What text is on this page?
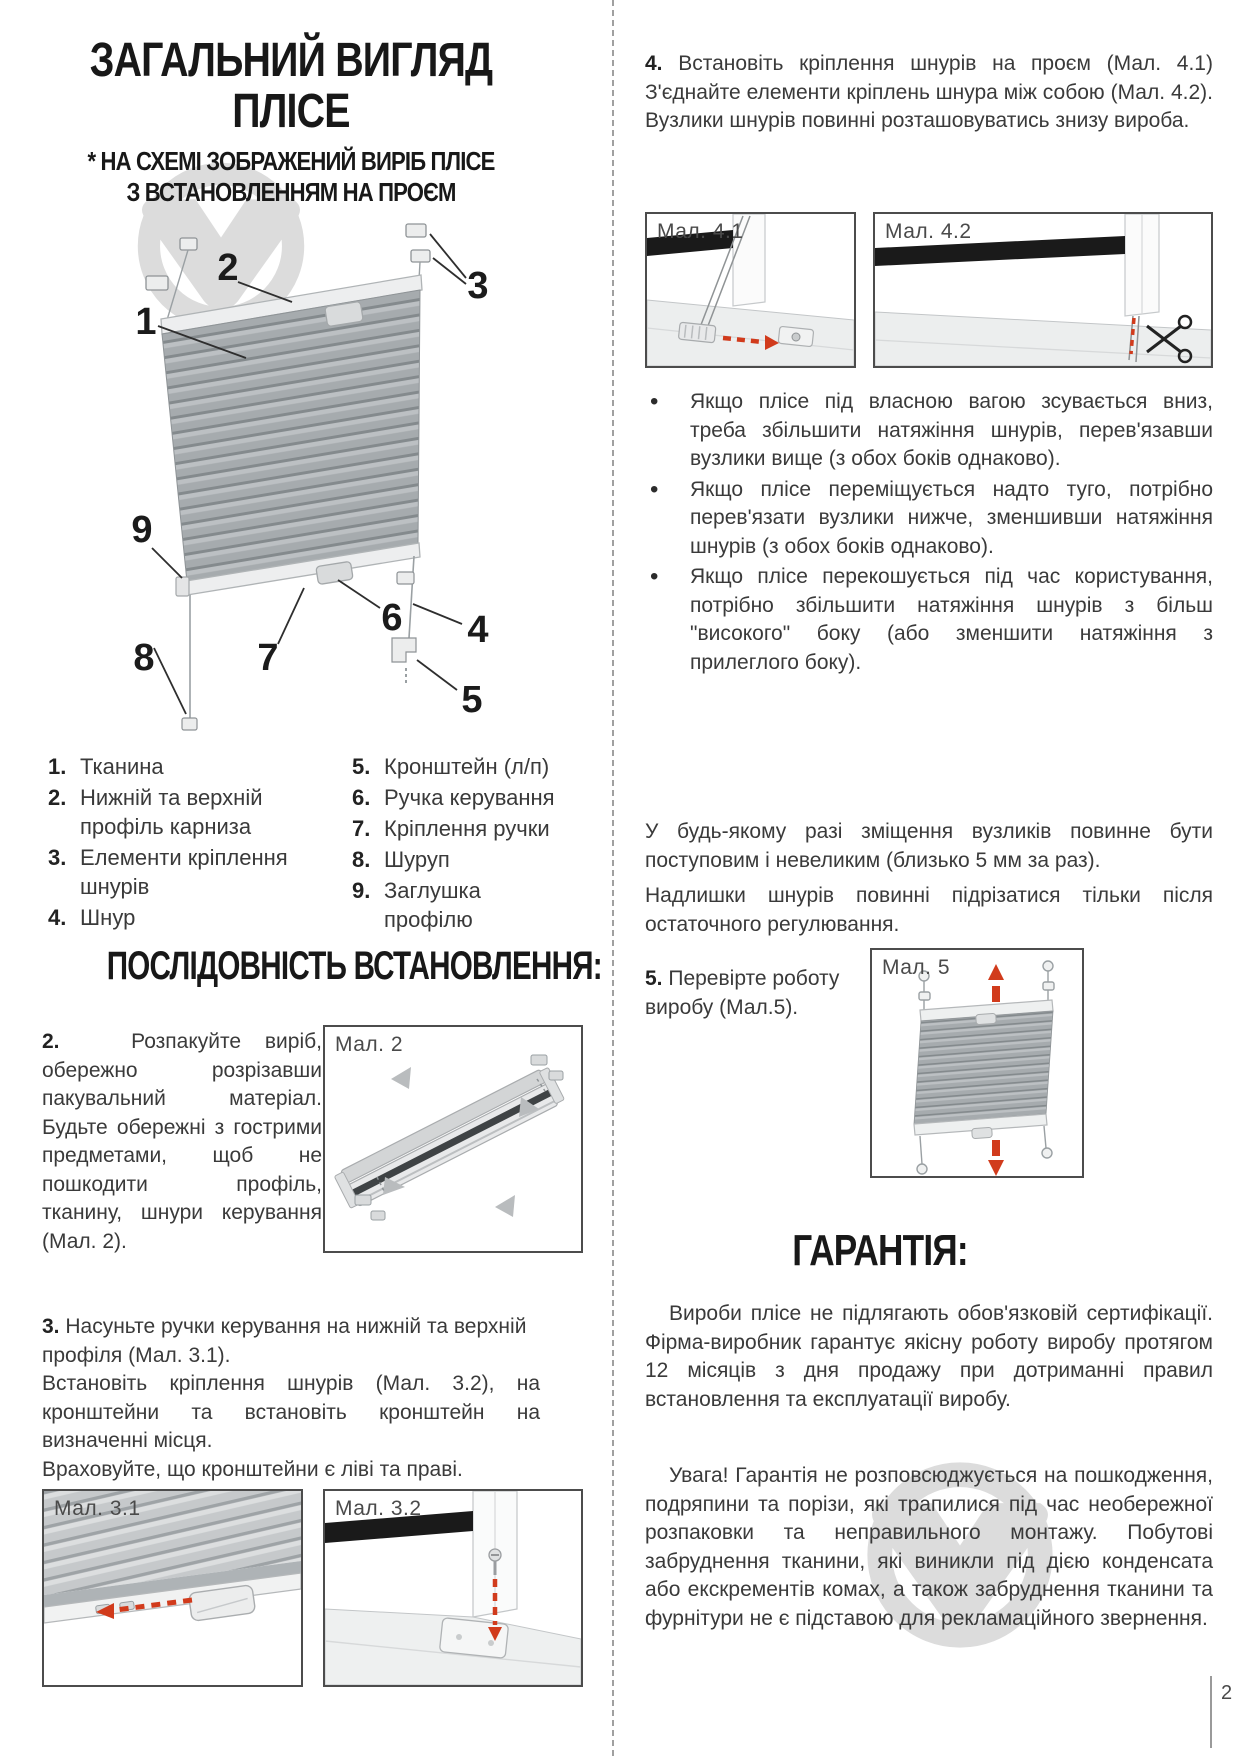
ЗАГАЛЬНИЙ ВИГЛЯД
ПЛІСЕ
* НА СХЕМІ ЗОБРАЖЕНИЙ ВИРІБ ПЛІСЕ
З ВСТАНОВЛЕННЯМ НА ПРОЄМ
1
2	3
4
5
6
7
8
9
1. Тканина
2. Нижній та верхній профіль карниза
3. Елементи кріплення шнурів
4. Шнур
5. Кронштейн (л/п)
6. Ручка керування
7. Кріплення ручки
8. Шуруп
9. Заглушка профілю
ПОСЛІДОВНІСТЬ ВСТАНОВЛЕННЯ:
2.	Розпакуйте виріб, обережно розрізавши пакувальний матеріал. Будьте обережні з гострими предметами, щоб не пошкодити профіль, тканину, шнури керування (Мал. 2).
Мал. 2
3. Насуньте ручки керування на нижній та верхній профіля (Мал. 3.1).
Встановіть кріплення шнурів (Мал. 3.2), на кронштейни та встановіть кронштейн на визначенні місця.
Враховуйте, що кронштейни є ліві та праві.
Мал. 3.1	Мал. 3.2
4. Встановіть кріплення шнурів на проєм (Мал. 4.1) З'єднайте елементи кріплень шнура між собою (Мал. 4.2). Вузлики шнурів повинні розташовуватись знизу вироба.
Мал. 4.1	Мал. 4.2
• Якщо плісе під власною вагою зсувається вниз, треба збільшити натяжіння шнурів, перев'язавши вузлики вище (з обох боків однаково).
• Якщо плісе переміщується надто туго, потрібно перев'язати вузлики нижче, зменшивши натяжіння шнурів (з обох боків однаково).
• Якщо плісе перекошується під час користування, потрібно збільшити натяжіння шнурів з більш "високого" боку (або зменшити натяжіння з прилеглого боку).
У будь-якому разі зміщення вузликів повинне бути поступовим і невеликим (близько 5 мм за раз).
Надлишки шнурів повинні підрізатися тільки після остаточного регулювання.
5. Перевірте роботу виробу (Мал.5).
Мал. 5
ГАРАНТІЯ:
Вироби плісе не підлягають обов'язковій сертифікації. Фірма-виробник гарантує якісну роботу виробу протягом 12 місяців з дня продажу при дотриманні правил встановлення та експлуатації виробу.
Увага! Гарантія не розповсюджується на пошкодження, подряпини та порізи, які трапилися під час необережної розпаковки та неправильного монтажу. Побутові забруднення тканини, які виникли під дією конденсата або екскрементів комах, а також забруднення тканини та фурнітури не є підставою для рекламаційного звернення.
2
